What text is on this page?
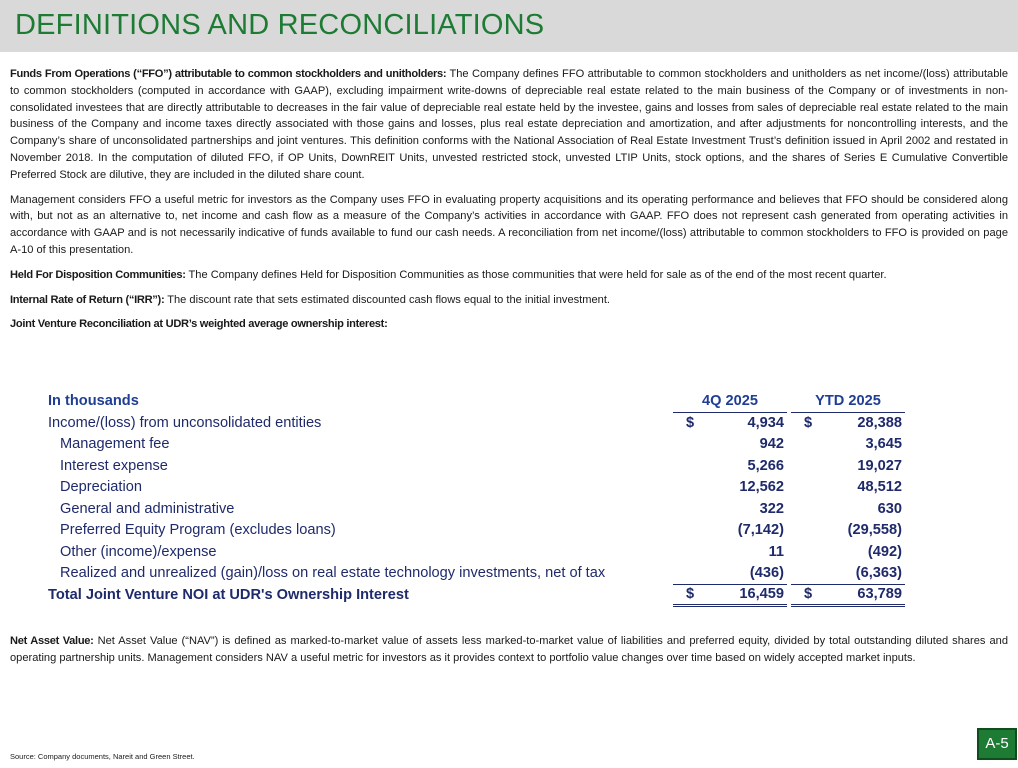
DEFINITIONS AND RECONCILIATIONS

Funds From Operations (“FFO”) attributable to common stockholders and unitholders: The Company defines FFO attributable to common stockholders and unitholders as net income/(loss) attributable to common stockholders (computed in accordance with GAAP), excluding impairment write-downs of depreciable real estate related to the main business of the Company or of investments in non-consolidated investees that are directly attributable to decreases in the fair value of depreciable real estate held by the investee, gains and losses from sales of depreciable real estate related to the main business of the Company and income taxes directly associated with those gains and losses, plus real estate depreciation and amortization, and after adjustments for noncontrolling interests, and the Company’s share of unconsolidated partnerships and joint ventures. This definition conforms with the National Association of Real Estate Investment Trust’s definition issued in April 2002 and restated in November 2018. In the computation of diluted FFO, if OP Units, DownREIT Units, unvested restricted stock, unvested LTIP Units, stock options, and the shares of Series E Cumulative Convertible Preferred Stock are dilutive, they are included in the diluted share count.

Management considers FFO a useful metric for investors as the Company uses FFO in evaluating property acquisitions and its operating performance and believes that FFO should be considered along with, but not as an alternative to, net income and cash flow as a measure of the Company’s activities in accordance with GAAP. FFO does not represent cash generated from operating activities in accordance with GAAP and is not necessarily indicative of funds available to fund our cash needs. A reconciliation from net income/(loss) attributable to common stockholders to FFO is provided on page A-10 of this presentation.

Held For Disposition Communities: The Company defines Held for Disposition Communities as those communities that were held for sale as of the end of the most recent quarter.

Internal Rate of Return (“IRR”): The discount rate that sets estimated discounted cash flows equal to the initial investment.

Joint Venture Reconciliation at UDR’s weighted average ownership interest:

In thousands	4Q 2025			YTD 2025	
Income/(loss) from unconsolidated entities	$	4,934		$	28,388
Management fee		942			3,645
Interest expense		5,266			19,027
Depreciation		12,562			48,512
General and administrative		322			630
Preferred Equity Program (excludes loans)		(7,142)			(29,558)
Other (income)/expense		11			(492)
Realized and unrealized (gain)/loss on real estate technology investments, net of tax		(436)			(6,363)
Total Joint Venture NOI at UDR's Ownership Interest	$	16,459		$	63,789

Net Asset Value: Net Asset Value (“NAV”) is defined as marked-to-market value of assets less marked-to-market value of liabilities and preferred equity, divided by total outstanding diluted shares and operating partnership units. Management considers NAV a useful metric for investors as it provides context to portfolio value changes over time based on widely accepted market inputs.

Source: Company documents, Nareit and Green Street.
A-5
